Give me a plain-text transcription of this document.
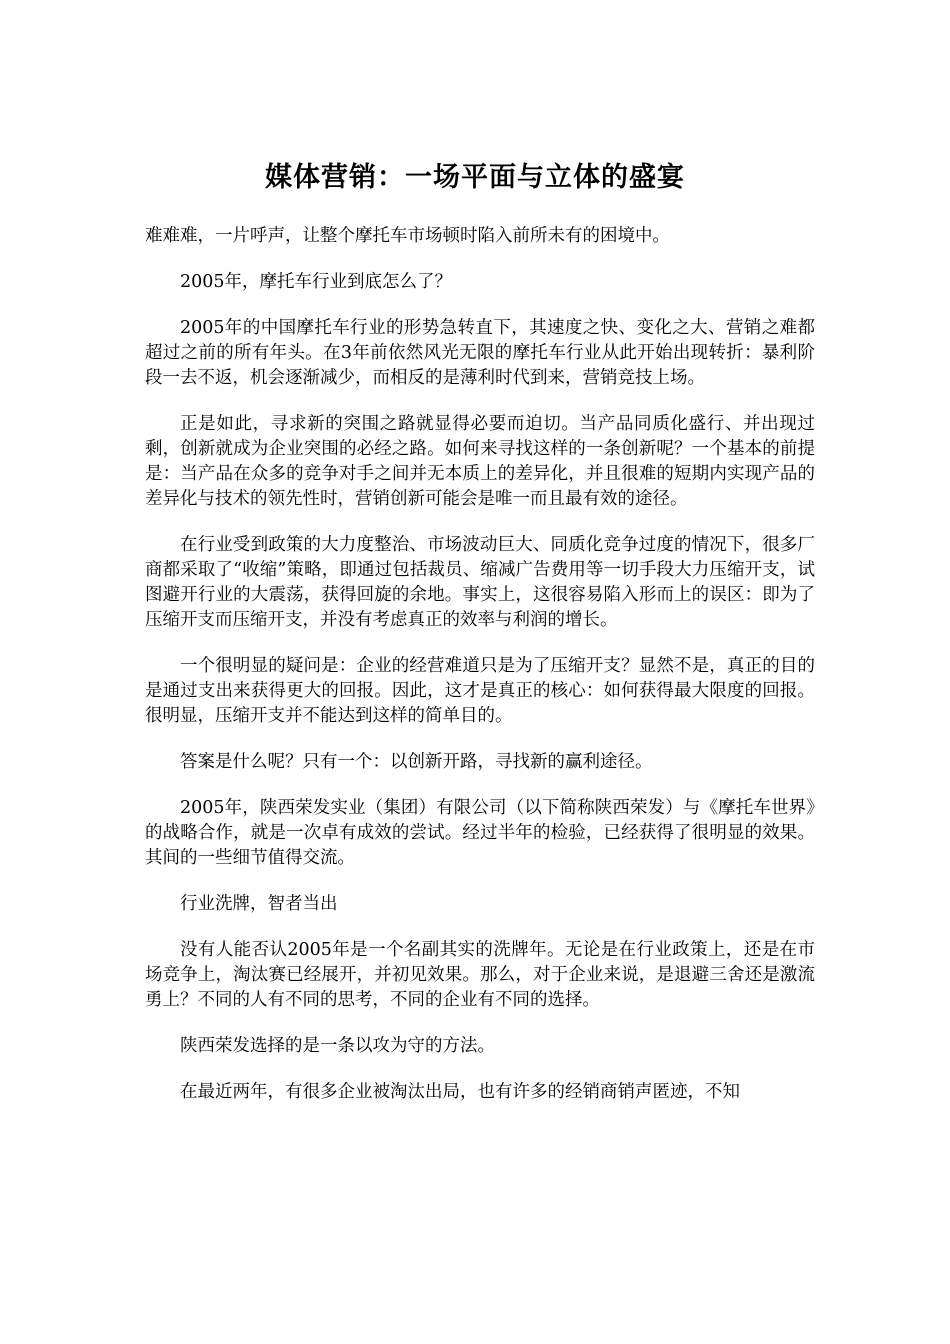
媒体营销：一场平面与立体的盛宴

难难难，一片呼声，让整个摩托车市场顿时陷入前所未有的困境中。

2005年，摩托车行业到底怎么了？

2005年的中国摩托车行业的形势急转直下，其速度之快、变化之大、营销之难都超过之前的所有年头。在3年前依然风光无限的摩托车行业从此开始出现转折：暴利阶段一去不返，机会逐渐减少，而相反的是薄利时代到来，营销竞技上场。

正是如此，寻求新的突围之路就显得必要而迫切。当产品同质化盛行、并出现过剩，创新就成为企业突围的必经之路。如何来寻找这样的一条创新呢？一个基本的前提是：当产品在众多的竞争对手之间并无本质上的差异化，并且很难的短期内实现产品的差异化与技术的领先性时，营销创新可能会是唯一而且最有效的途径。

在行业受到政策的大力度整治、市场波动巨大、同质化竞争过度的情况下，很多厂商都采取了“收缩”策略，即通过包括裁员、缩减广告费用等一切手段大力压缩开支，试图避开行业的大震荡，获得回旋的余地。事实上，这很容易陷入形而上的误区：即为了压缩开支而压缩开支，并没有考虑真正的效率与利润的增长。

一个很明显的疑问是：企业的经营难道只是为了压缩开支？显然不是，真正的目的是通过支出来获得更大的回报。因此，这才是真正的核心：如何获得最大限度的回报。很明显，压缩开支并不能达到这样的简单目的。

答案是什么呢？只有一个：以创新开路，寻找新的赢利途径。

2005年，陕西荣发实业（集团）有限公司（以下简称陕西荣发）与《摩托车世界》的战略合作，就是一次卓有成效的尝试。经过半年的检验，已经获得了很明显的效果。其间的一些细节值得交流。

行业洗牌，智者当出

没有人能否认2005年是一个名副其实的洗牌年。无论是在行业政策上，还是在市场竞争上，淘汰赛已经展开，并初见效果。那么，对于企业来说，是退避三舍还是激流勇上？不同的人有不同的思考，不同的企业有不同的选择。

陕西荣发选择的是一条以攻为守的方法。

在最近两年，有很多企业被淘汰出局，也有许多的经销商销声匿迹，不知
